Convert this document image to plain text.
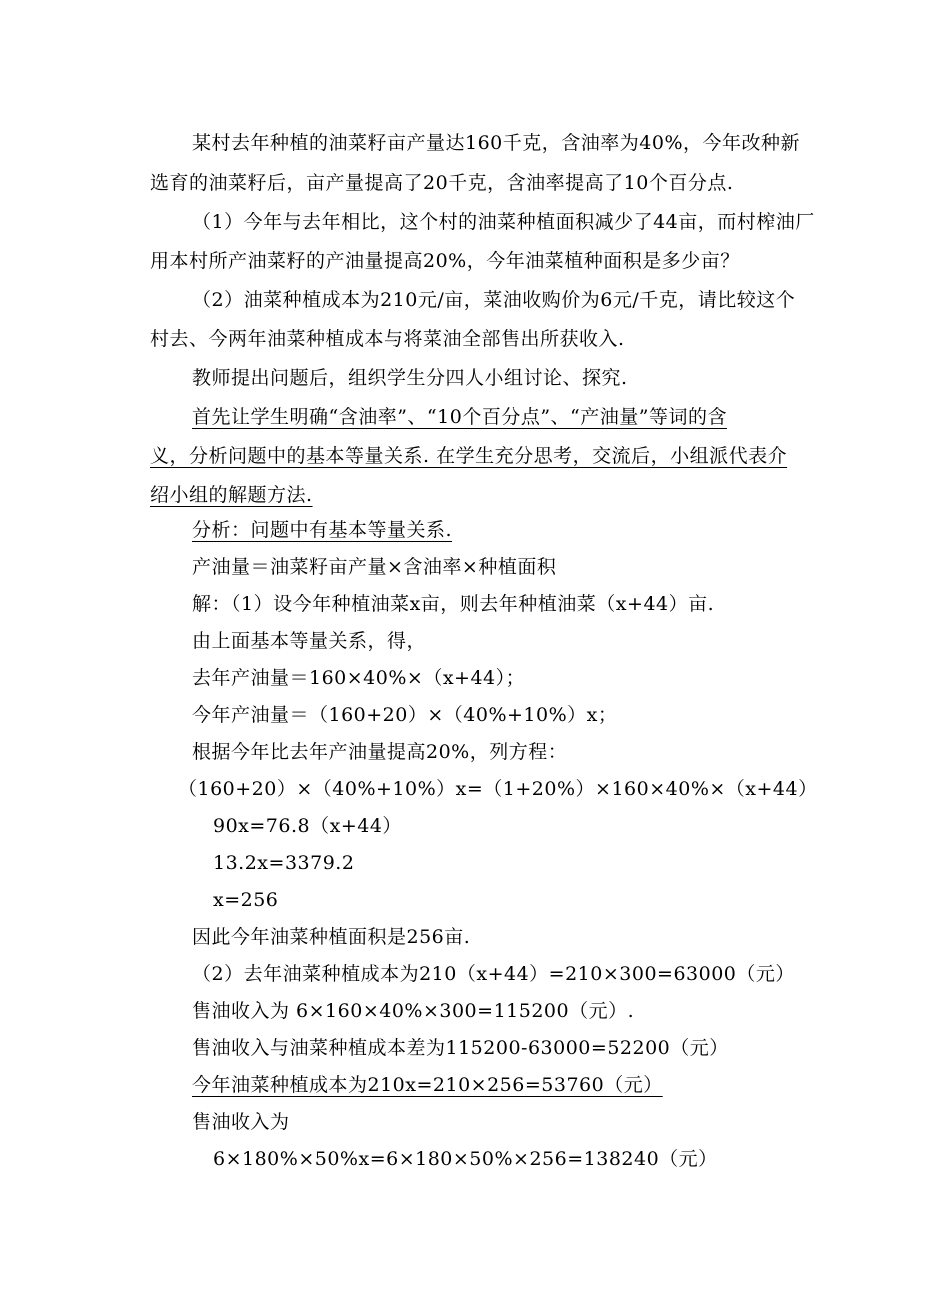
某村去年种植的油菜籽亩产量达160千克，含油率为40%，今年改种新
选育的油菜籽后，亩产量提高了20千克，含油率提高了10个百分点.
（1）今年与去年相比，这个村的油菜种植面积减少了44亩，而村榨油厂
用本村所产油菜籽的产油量提高20%，今年油菜植种面积是多少亩？
（2）油菜种植成本为210元/亩，菜油收购价为6元/千克，请比较这个
村去、今两年油菜种植成本与将菜油全部售出所获收入.
教师提出问题后，组织学生分四人小组讨论、探究.
首先让学生明确“含油率”、“10个百分点”、“产油量”等词的含
义，分析问题中的基本等量关系. 在学生充分思考，交流后，小组派代表介
绍小组的解题方法.
分析：问题中有基本等量关系.
产油量＝油菜籽亩产量×含油率×种植面积
解：（1）设今年种植油菜x亩，则去年种植油菜（x+44）亩.
由上面基本等量关系，得，
去年产油量＝160×40%×（x+44）；
今年产油量＝（160+20）×（40%+10%）x；
根据今年比去年产油量提高20%，列方程：
（160+20）×（40%+10%）x=（1+20%）×160×40%×（x+44）
90x=76.8（x+44）
13.2x=3379.2
x=256
因此今年油菜种植面积是256亩.
（2）去年油菜种植成本为210（x+44）=210×300=63000（元）
售油收入为 6×160×40%×300=115200（元）.
售油收入与油菜种植成本差为115200-63000=52200（元）
今年油菜种植成本为210x=210×256=53760（元）
售油收入为
6×180%×50%x=6×180×50%×256=138240（元）
